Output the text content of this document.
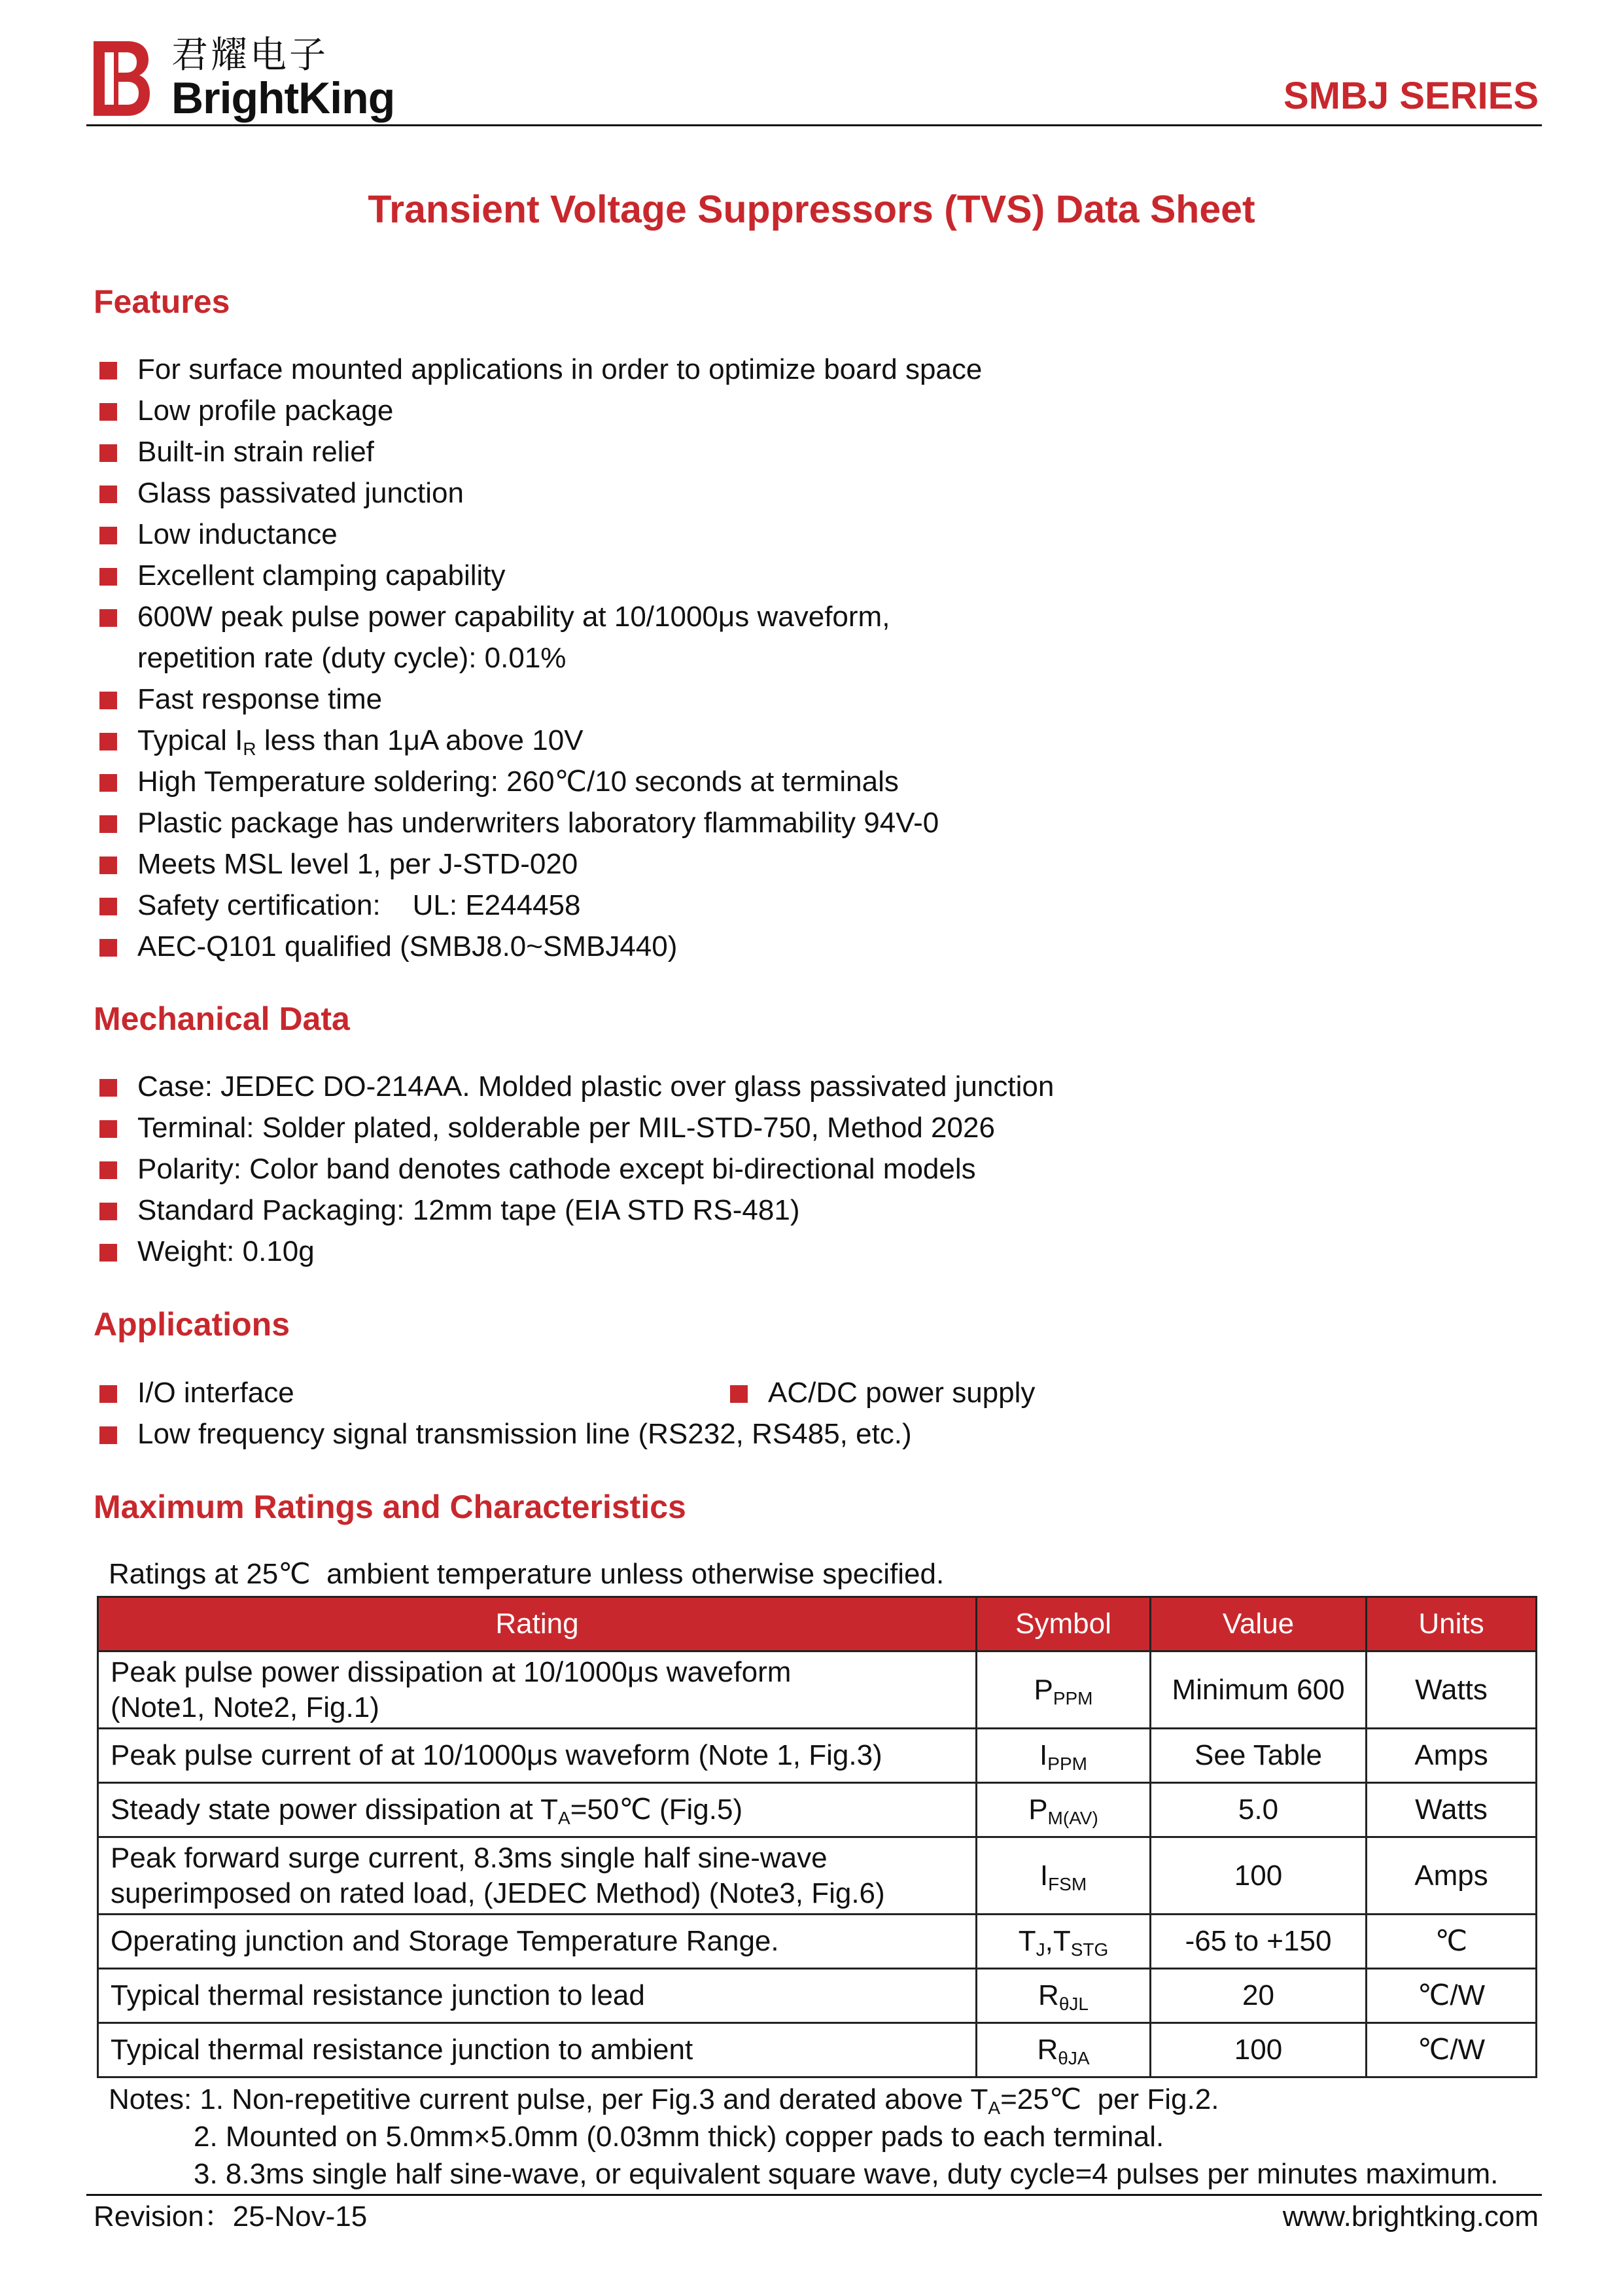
君耀电子
BrightKing	SMBJ SERIES
Transient Voltage Suppressors (TVS) Data Sheet
Features
For surface mounted applications in order to optimize board space
Low profile package
Built-in strain relief
Glass passivated junction
Low inductance
Excellent clamping capability
600W peak pulse power capability at 10/1000μs waveform,
repetition rate (duty cycle): 0.01%
Fast response time
Typical $I_R$ less than 1μA above 10V
High Temperature soldering: 260℃/10 seconds at terminals
Plastic package has underwriters laboratory flammability 94V-0
Meets MSL level 1, per J-STD-020
Safety certification:    UL: E244458
AEC-Q101 qualified (SMBJ8.0~SMBJ440)
Mechanical Data
Case: JEDEC DO-214AA. Molded plastic over glass passivated junction
Terminal: Solder plated, solderable per MIL-STD-750, Method 2026
Polarity: Color band denotes cathode except bi-directional models
Standard Packaging: 12mm tape (EIA STD RS-481)
Weight: 0.10g
Applications
I/O interface	AC/DC power supply
Low frequency signal transmission line (RS232, RS485, etc.)
Maximum Ratings and Characteristics
Ratings at 25℃  ambient temperature unless otherwise specified.
Rating	Symbol	Value	Units
Peak pulse power dissipation at 10/1000μs waveform
(Note1, Note2, Fig.1)	$P_{PPM}$	Minimum 600	Watts
Peak pulse current of at 10/1000μs waveform (Note 1, Fig.3)	$I_{PPM}$	See Table	Amps
Steady state power dissipation at $T_A=50℃$ (Fig.5)	$P_{M(AV)}$	5.0	Watts
Peak forward surge current, 8.3ms single half sine-wave
superimposed on rated load, (JEDEC Method) (Note3, Fig.6)	$I_{FSM}$	100	Amps
Operating junction and Storage Temperature Range.	$T_J,T_{STG}$	-65 to +150	℃
Typical thermal resistance junction to lead	$R_{\theta JL}$	20	℃/W
Typical thermal resistance junction to ambient	$R_{\theta JA}$	100	℃/W
Notes: 1. Non-repetitive current pulse, per Fig.3 and derated above $T_A=25℃$  per Fig.2.
2. Mounted on 5.0mm×5.0mm (0.03mm thick) copper pads to each terminal.
3. 8.3ms single half sine-wave, or equivalent square wave, duty cycle=4 pulses per minutes maximum.
Revision：25-Nov-15	www.brightking.com
